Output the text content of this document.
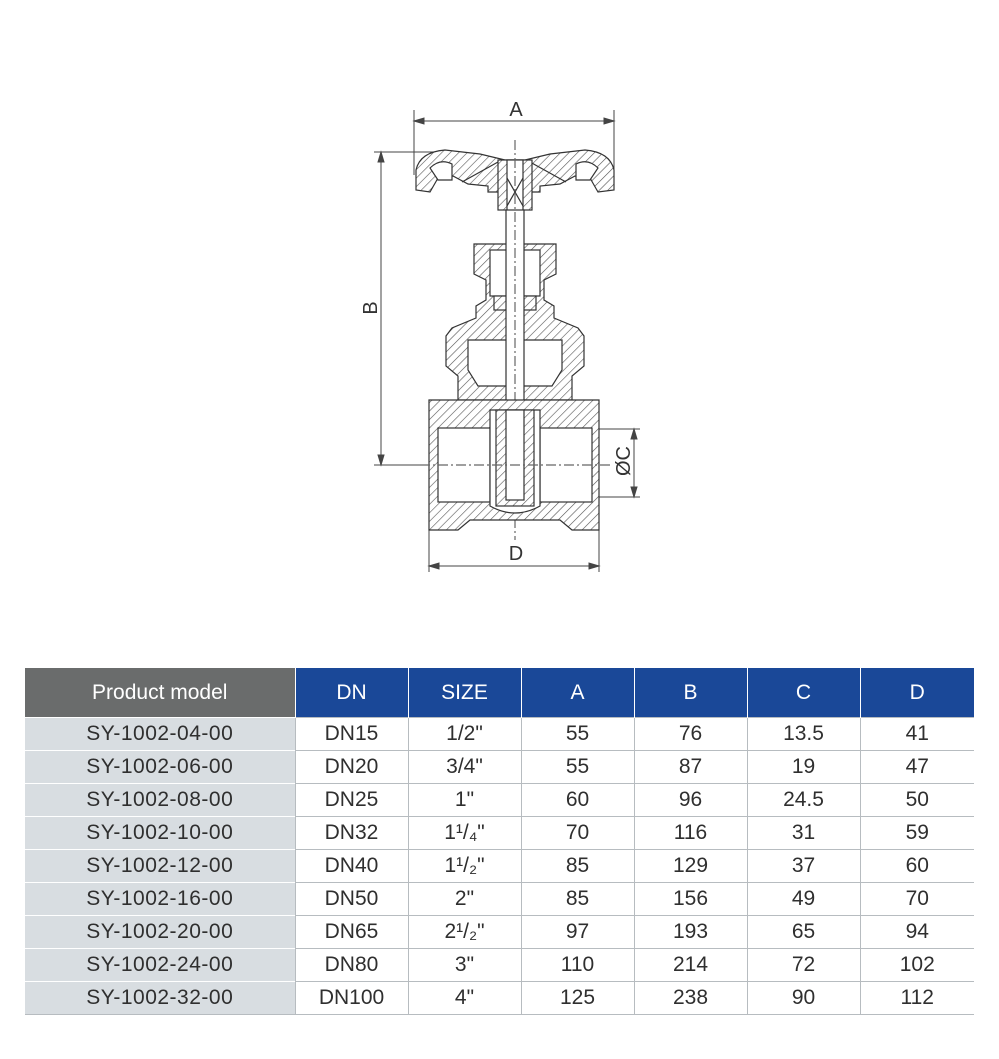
A
B
ØC
D
Product model	DN	SIZE	A	B	C	D
SY-1002-04-00	DN15	1/2"	55	76	13.5	41
SY-1002-06-00	DN20	3/4"	55	87	19	47
SY-1002-08-00	DN25	1"	60	96	24.5	50
SY-1002-10-00	DN32	1¹/₄"	70	116	31	59
SY-1002-12-00	DN40	1¹/₂"	85	129	37	60
SY-1002-16-00	DN50	2"	85	156	49	70
SY-1002-20-00	DN65	2¹/₂"	97	193	65	94
SY-1002-24-00	DN80	3"	110	214	72	102
SY-1002-32-00	DN100	4"	125	238	90	112
